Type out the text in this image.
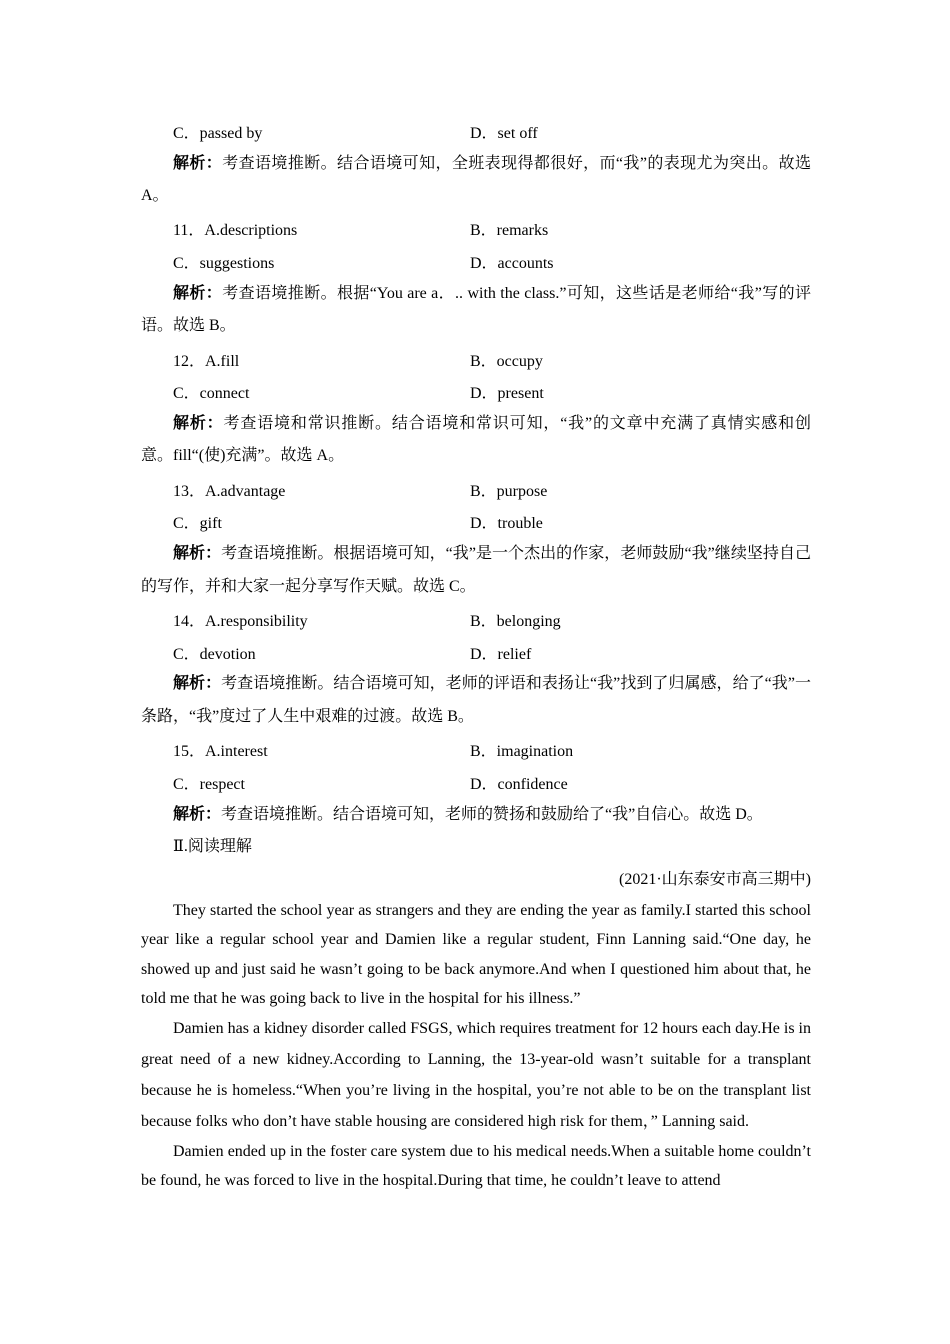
C．passed by	D．set off
解析：考查语境推断。结合语境可知，全班表现得都很好，而“我”的表现尤为突出。故选 A。
11．A.descriptions	B．remarks
C．suggestions	D．accounts
解析：考查语境推断。根据“You are a．.. with the class.”可知，这些话是老师给“我”写的评语。故选 B。
12．A.fill	B．occupy
C．connect	D．present
解析：考查语境和常识推断。结合语境和常识可知，“我”的文章中充满了真情实感和创意。fill“(使)充满”。故选 A。
13．A.advantage	B．purpose
C．gift	D．trouble
解析：考查语境推断。根据语境可知，“我”是一个杰出的作家，老师鼓励“我”继续坚持自己的写作，并和大家一起分享写作天赋。故选 C。
14．A.responsibility	B．belonging
C．devotion	D．relief
解析：考查语境推断。结合语境可知，老师的评语和表扬让“我”找到了归属感，给了“我”一条路，“我”度过了人生中艰难的过渡。故选 B。
15．A.interest	B．imagination
C．respect	D．confidence
解析：考查语境推断。结合语境可知，老师的赞扬和鼓励给了“我”自信心。故选 D。
Ⅱ.阅读理解
(2021·山东泰安市高三期中)

They started the school year as strangers and they are ending the year as family.I started this school year like a regular school year and Damien like a regular student, Finn Lanning said.“One day, he showed up and just said he wasn’t going to be back anymore.And when I questioned him about that, he told me that he was going back to live in the hospital for his illness.”

Damien has a kidney disorder called FSGS, which requires treatment for 12 hours each day.He is in great need of a new kidney.According to Lanning, the 13-year-old wasn’t suitable for a transplant because he is homeless.“When you’re living in the hospital, you’re not able to be on the transplant list because folks who don’t have stable housing are considered high risk for them，” Lanning said.

Damien ended up in the foster care system due to his medical needs.When a suitable home couldn’t be found, he was forced to live in the hospital.During that time, he couldn’t leave to attend
